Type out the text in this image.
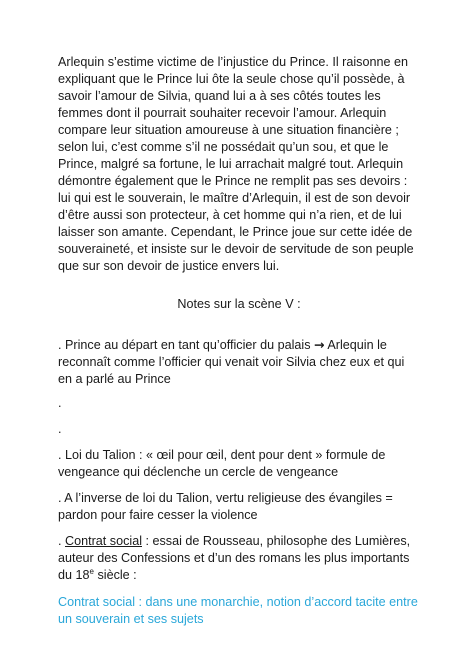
Arlequin s’estime victime de l’injustice du Prince. Il raisonne en expliquant que le Prince lui ôte la seule chose qu’il possède, à savoir l’amour de Silvia, quand lui a à ses côtés toutes les femmes dont il pourrait souhaiter recevoir l’amour. Arlequin compare leur situation amoureuse à une situation financière ; selon lui, c’est comme s’il ne possédait qu’un sou, et que le Prince, malgré sa fortune, le lui arrachait malgré tout. Arlequin démontre également que le Prince ne remplit pas ses devoirs : lui qui est le souverain, le maître d’Arlequin, il est de son devoir d’être aussi son protecteur, à cet homme qui n’a rien, et de lui laisser son amante. Cependant, le Prince joue sur cette idée de souveraineté, et insiste sur le devoir de servitude de son peuple que sur son devoir de justice envers lui.

Notes sur la scène V :

. Prince au départ en tant qu’officier du palais → Arlequin le reconnaît comme l’officier qui venait voir Silvia chez eux et qui en a parlé au Prince

.

.

. Loi du Talion : « œil pour œil, dent pour dent » formule de vengeance qui déclenche un cercle de vengeance

. A l’inverse de loi du Talion, vertu religieuse des évangiles = pardon pour faire cesser la violence

. Contrat social : essai de Rousseau, philosophe des Lumières, auteur des Confessions et d’un des romans les plus importants du 18e siècle :

Contrat social : dans une monarchie, notion d’accord tacite entre un souverain et ses sujets
